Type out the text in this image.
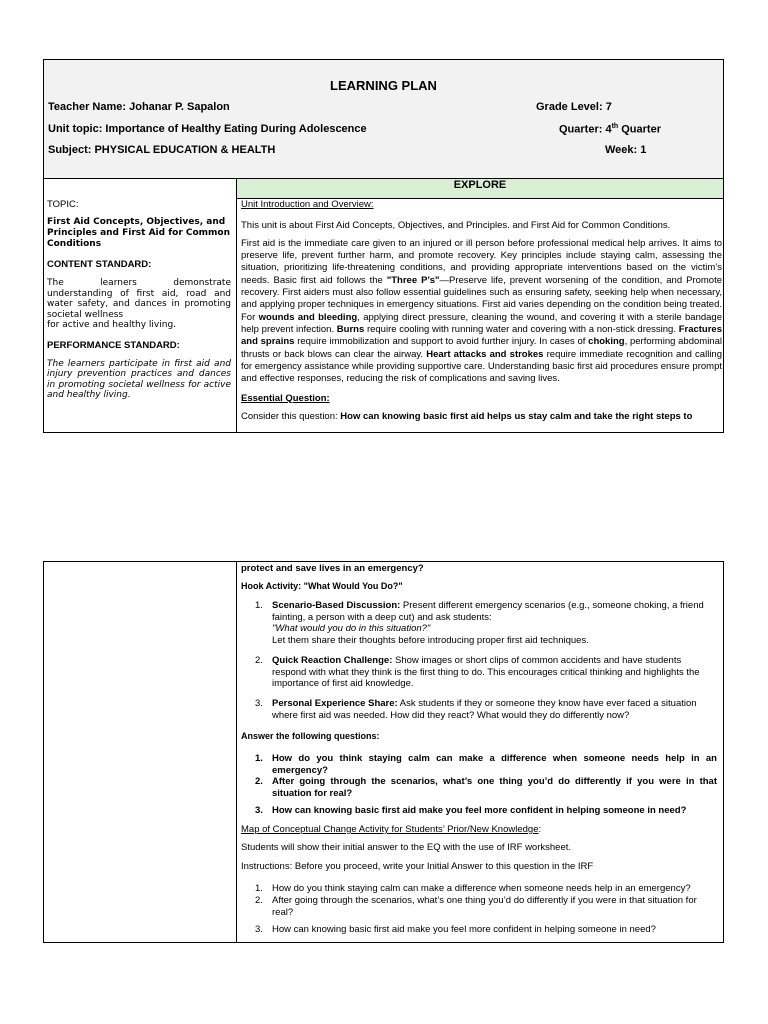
LEARNING PLAN
Teacher Name: Johanar P. Sapalon	Grade Level: 7
Unit topic: Importance of Healthy Eating During Adolescence	Quarter: 4th Quarter
Subject: PHYSICAL EDUCATION & HEALTH	Week: 1
EXPLORE
TOPIC:
First Aid Concepts, Objectives, and Principles and First Aid for Common Conditions
CONTENT STANDARD:
The learners demonstrate understanding of first aid, road and water safety, and dances in promoting societal wellness
for active and healthy living.
PERFORMANCE STANDARD:
The learners participate in first aid and injury prevention practices and dances in promoting societal wellness for active and healthy living.

Unit Introduction and Overview:

This unit is about First Aid Concepts, Objectives, and Principles. and First Aid for Common Conditions.

First aid is the immediate care given to an injured or ill person before professional medical help arrives. It aims to preserve life, prevent further harm, and promote recovery. Key principles include staying calm, assessing the situation, prioritizing life-threatening conditions, and providing appropriate interventions based on the victim’s needs. Basic first aid follows the "Three P’s"—Preserve life, prevent worsening of the condition, and Promote recovery. First aiders must also follow essential guidelines such as ensuring safety, seeking help when necessary, and applying proper techniques in emergency situations. First aid varies depending on the condition being treated. For wounds and bleeding, applying direct pressure, cleaning the wound, and covering it with a sterile bandage help prevent infection. Burns require cooling with running water and covering with a non-stick dressing. Fractures and sprains require immobilization and support to avoid further injury. In cases of choking, performing abdominal thrusts or back blows can clear the airway. Heart attacks and strokes require immediate recognition and calling for emergency assistance while providing supportive care. Understanding basic first aid procedures ensure prompt and effective responses, reducing the risk of complications and saving lives.

Essential Question:

Consider this question: How can knowing basic first aid helps us stay calm and take the right steps to

protect and save lives in an emergency?

Hook Activity: "What Would You Do?"

1. Scenario-Based Discussion: Present different emergency scenarios (e.g., someone choking, a friend fainting, a person with a deep cut) and ask students:
"What would you do in this situation?"
Let them share their thoughts before introducing proper first aid techniques.
2. Quick Reaction Challenge: Show images or short clips of common accidents and have students respond with what they think is the first thing to do. This encourages critical thinking and highlights the importance of first aid knowledge.
3. Personal Experience Share: Ask students if they or someone they know have ever faced a situation where first aid was needed. How did they react? What would they do differently now?

Answer the following questions:

1. How do you think staying calm can make a difference when someone needs help in an emergency?
2. After going through the scenarios, what’s one thing you’d do differently if you were in that situation for real?
3. How can knowing basic first aid make you feel more confident in helping someone in need?

Map of Conceptual Change Activity for Students’ Prior/New Knowledge:

Students will show their initial answer to the EQ with the use of IRF worksheet.

Instructions: Before you proceed, write your Initial Answer to this question in the IRF

1. How do you think staying calm can make a difference when someone needs help in an emergency?
2. After going through the scenarios, what’s one thing you’d do differently if you were in that situation for real?
3. How can knowing basic first aid make you feel more confident in helping someone in need?
